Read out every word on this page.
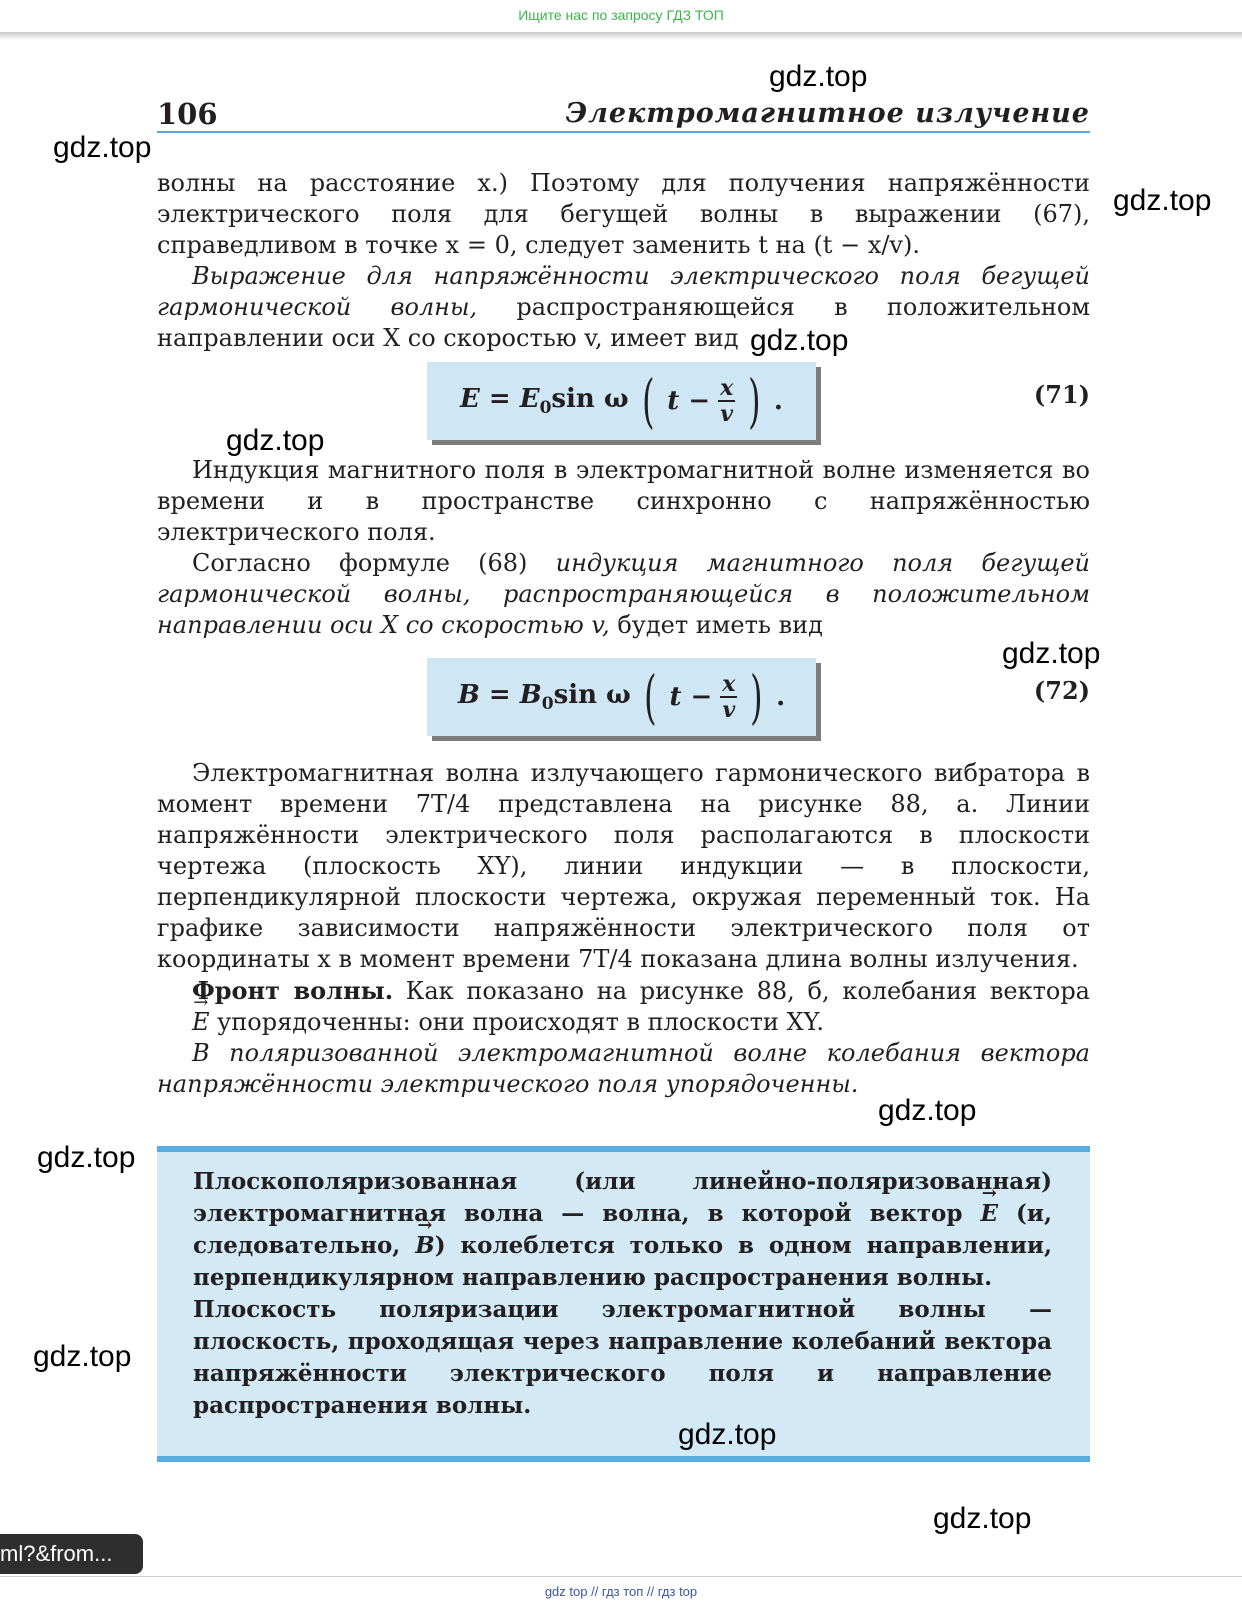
Ищите нас по запросу ГДЗ ТОП
106	Электромагнитное излучение

волны на расстояние x.) Поэтому для получения напряжённости электрического поля для бегущей волны в выражении (67), справедливом в точке x = 0, следует заменить t на (t − x/v).

Выражение для напряжённости электрического поля бегущей гармонической волны, распространяющейся в положительном направлении оси X со скоростью v, имеет вид

$E = E_0\sin$ ω ( $t - \frac{x}{v}$ ) .	(71)

Индукция магнитного поля в электромагнитной волне изменяется во времени и в пространстве синхронно с напряжённостью электрического поля.

Согласно формуле (68) индукция магнитного поля бегущей гармонической волны, распространяющейся в положительном направлении оси X со скоростью v, будет иметь вид

$B = B_0\sin$ ω ( $t - \frac{x}{v}$ ) .	(72)

Электромагнитная волна излучающего гармонического вибратора в момент времени 7T/4 представлена на рисунке 88, а. Линии напряжённости электрического поля располагаются в плоскости чертежа (плоскость XY), линии индукции — в плоскости, перпендикулярной плоскости чертежа, окружая переменный ток. На графике зависимости напряжённости электрического поля от координаты x в момент времени 7T/4 показана длина волны излучения.

Фронт волны. Как показано на рисунке 88, б, колебания вектора → E упорядоченны: они происходят в плоскости XY.

В поляризованной электромагнитной волне колебания вектора напряжённости электрического поля упорядоченны.

Плоскополяризованная (или линейно-поляризованная) электромагнитная волна — волна, в которой вектор → E (и, следовательно, → B) колеблется только в одном направлении, перпендикулярном направлению распространения волны.

Плоскость поляризации электромагнитной волны — плоскость, проходящая через направление колебаний вектора напряжённости электрического поля и направление распространения волны.

gdz.top
gdz.top
gdz.top
gdz.top
gdz.top
gdz.top
gdz.top
gdz.top
gdz.top
gdz.top
gdz.top
ml?&from...
gdz top // гдз топ // гдз top
